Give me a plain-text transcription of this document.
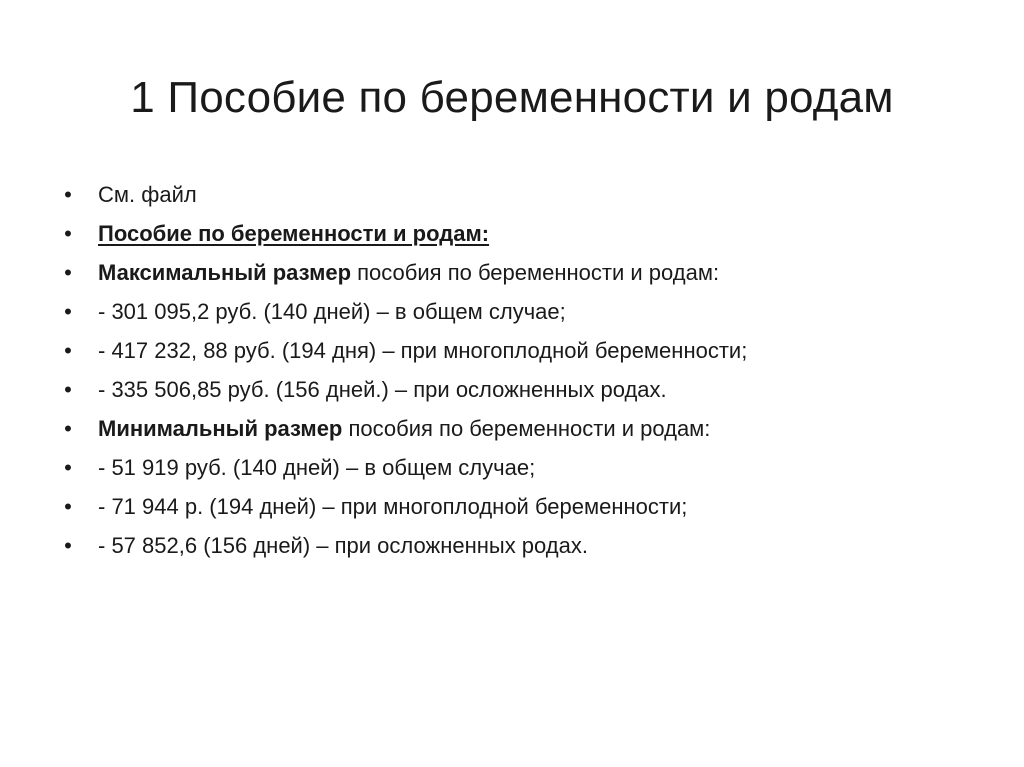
1 Пособие по беременности и родам
• См. файл
• Пособие по беременности и родам:
• Максимальный размер пособия по беременности и родам:
• - 301 095,2 руб. (140 дней) – в общем случае;
• - 417 232, 88 руб. (194 дня) – при многоплодной беременности;
• - 335 506,85 руб. (156 дней.) – при осложненных родах.
• Минимальный размер пособия по беременности и родам:
• - 51 919 руб. (140 дней) – в общем случае;
• - 71 944 р. (194 дней) – при многоплодной беременности;
• - 57 852,6 (156 дней) – при осложненных родах.
